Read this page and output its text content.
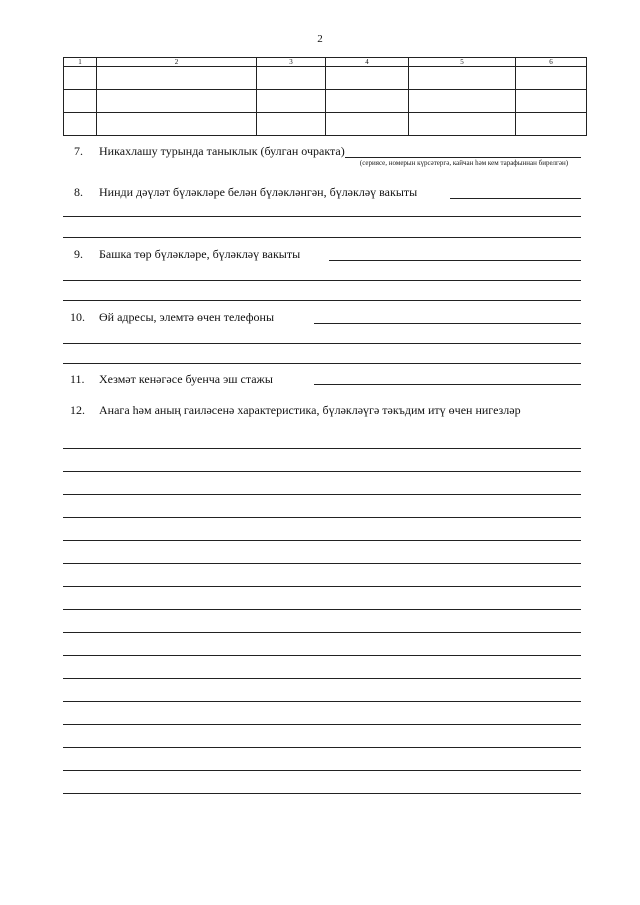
2
1	2	3	4	5	6

7. Никахлашу турында таныклык (булган очракта)
(сериясе, номерын күрсәтергә, кайчан һәм кем тарафыннан бирелгән)
8. Нинди дәүләт бүләкләре белән бүләкләнгән, бүләкләү вакыты
9. Башка төр бүләкләре, бүләкләү вакыты
10. Өй адресы, элемтә өчен телефоны
11. Хезмәт кенәгәсе буенча эш стажы
12. Анага һәм аның гаиләсенә характеристика, бүләкләүгә тәкъдим итү өчен нигезләр
